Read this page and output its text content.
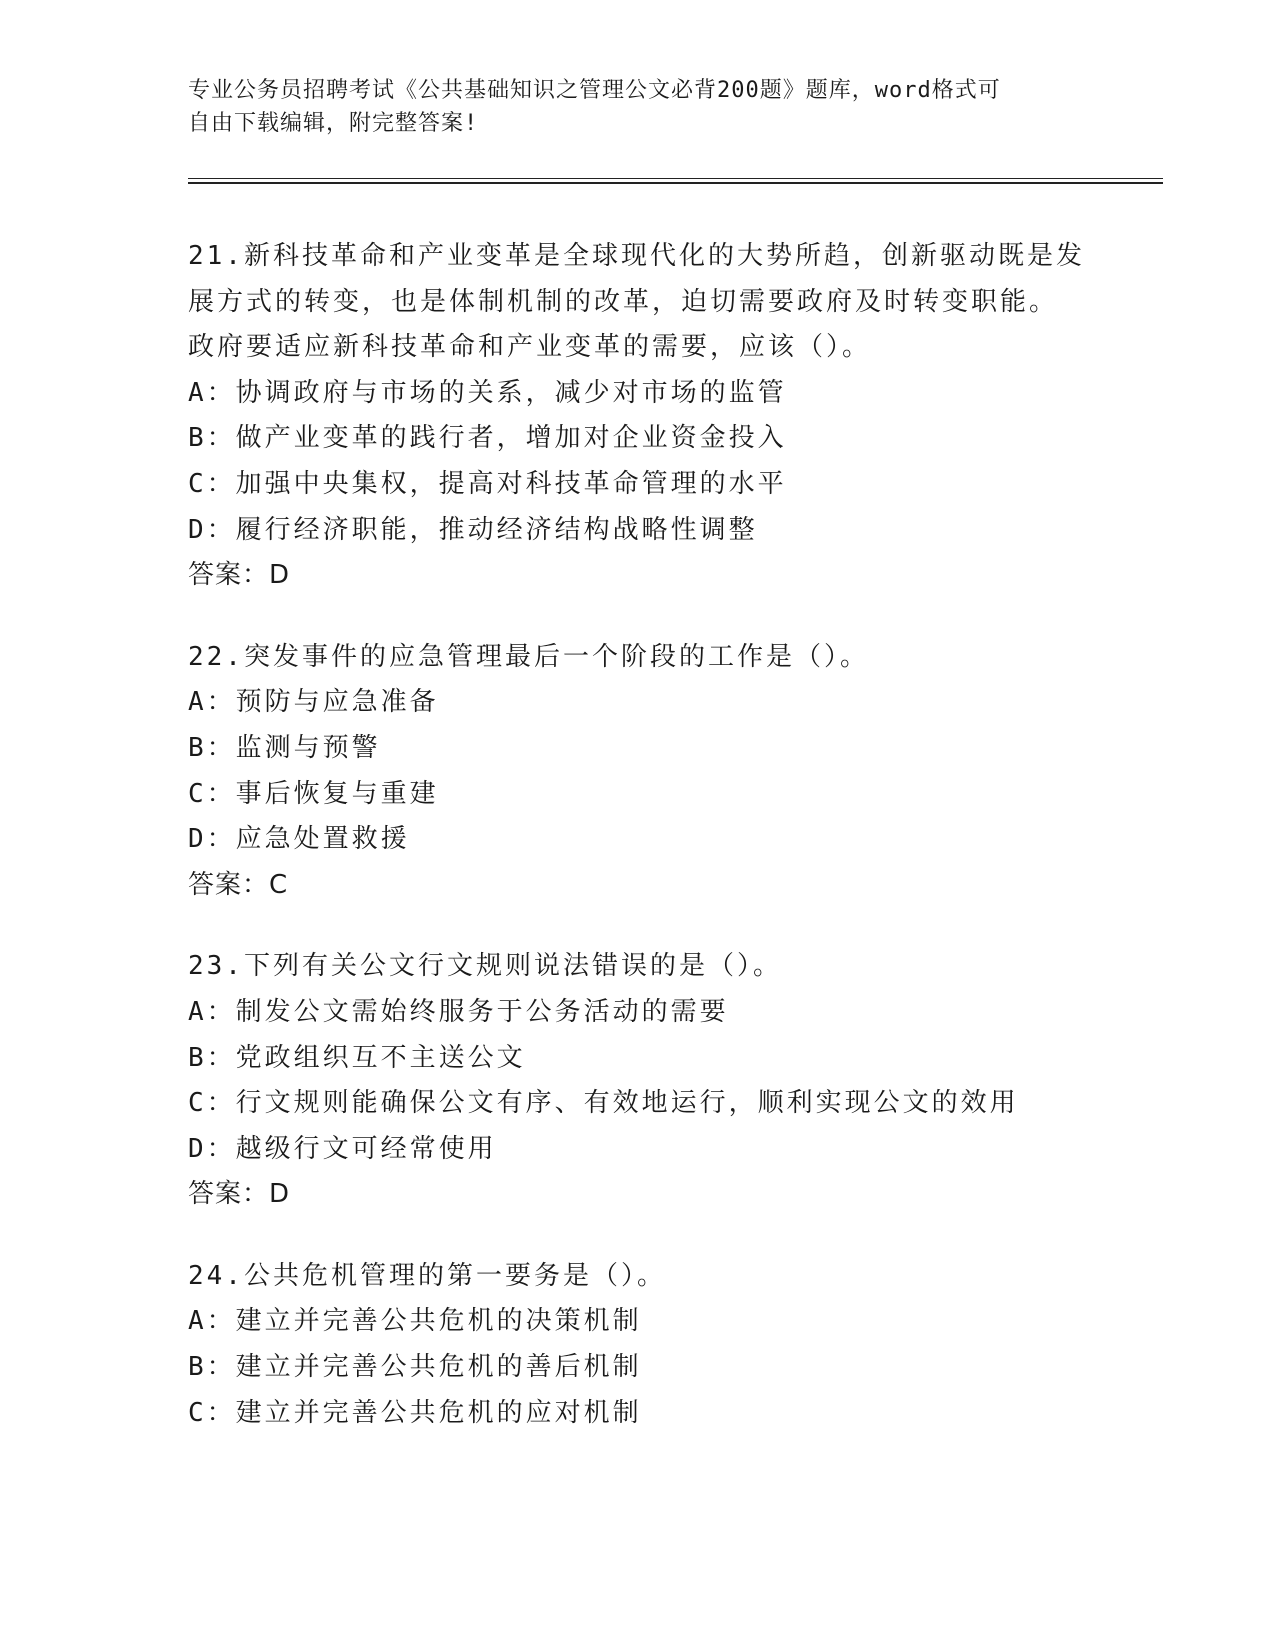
专业公务员招聘考试《公共基础知识之管理公文必背200题》题库，word格式可
自由下载编辑，附完整答案!
21.新科技革命和产业变革是全球现代化的大势所趋，创新驱动既是发
展方式的转变，也是体制机制的改革，迫切需要政府及时转变职能。
政府要适应新科技革命和产业变革的需要，应该（）。
A：协调政府与市场的关系，减少对市场的监管
B：做产业变革的践行者，增加对企业资金投入
C：加强中央集权，提高对科技革命管理的水平
D：履行经济职能，推动经济结构战略性调整
答案：D
22.突发事件的应急管理最后一个阶段的工作是（）。
A：预防与应急准备
B：监测与预警
C：事后恢复与重建
D：应急处置救援
答案：C
23.下列有关公文行文规则说法错误的是（）。
A：制发公文需始终服务于公务活动的需要
B：党政组织互不主送公文
C：行文规则能确保公文有序、有效地运行，顺利实现公文的效用
D：越级行文可经常使用
答案：D
24.公共危机管理的第一要务是（）。
A：建立并完善公共危机的决策机制
B：建立并完善公共危机的善后机制
C：建立并完善公共危机的应对机制
